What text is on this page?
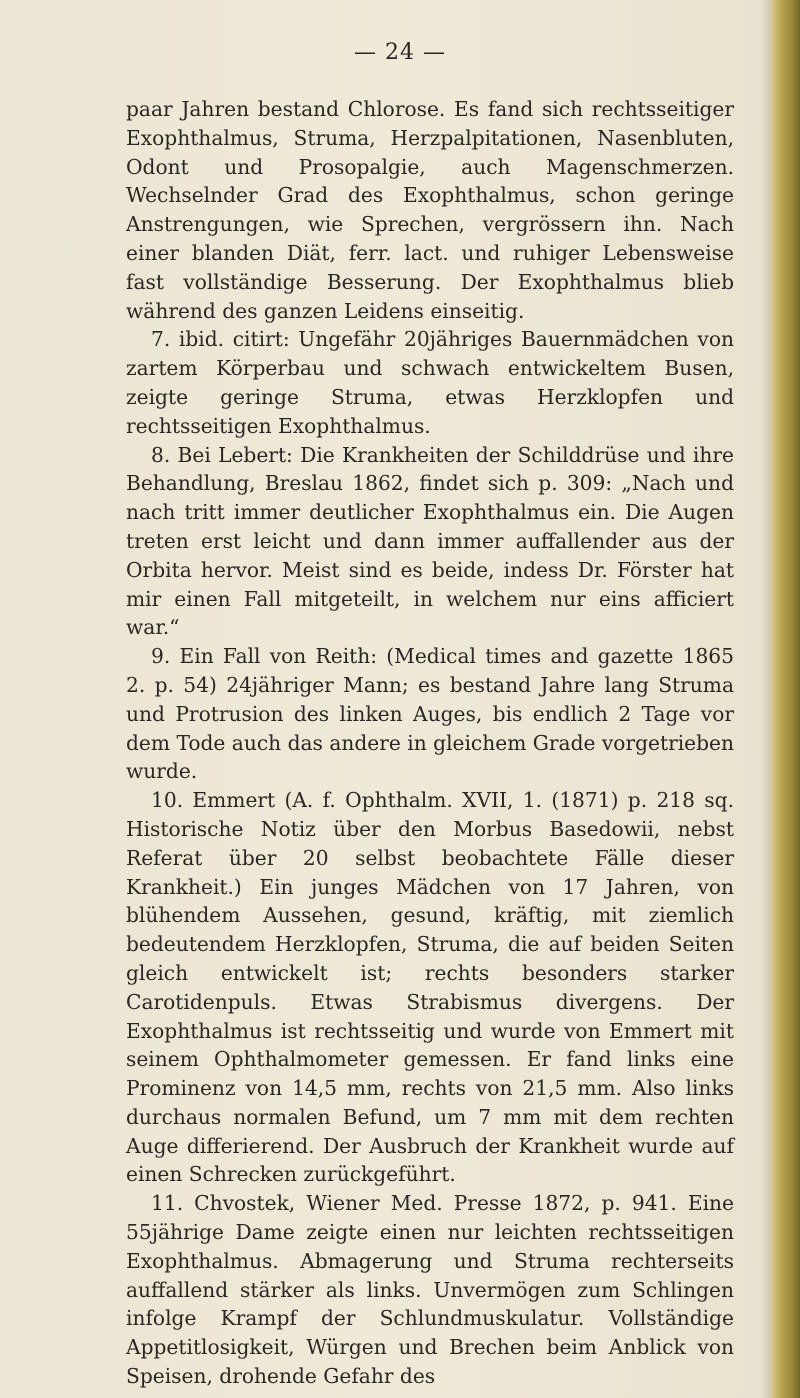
— 24 —

paar Jahren bestand Chlorose. Es fand sich rechtsseitiger Exophthalmus, Struma, Herzpalpitationen, Nasenbluten, Odont und Prosopalgie, auch Magenschmerzen. Wechselnder Grad des Exophthalmus, schon geringe Anstrengungen, wie Sprechen, vergrössern ihn. Nach einer blanden Diät, ferr. lact. und ruhiger Lebensweise fast vollständige Besserung. Der Exophthalmus blieb während des ganzen Leidens einseitig.

7. ibid. citirt: Ungefähr 20jähriges Bauernmädchen von zartem Körperbau und schwach entwickeltem Busen, zeigte geringe Struma, etwas Herzklopfen und rechtsseitigen Exophthalmus.

8. Bei Lebert: Die Krankheiten der Schilddrüse und ihre Behandlung, Breslau 1862, findet sich p. 309: „Nach und nach tritt immer deutlicher Exophthalmus ein. Die Augen treten erst leicht und dann immer auffallender aus der Orbita hervor. Meist sind es beide, indess Dr. Förster hat mir einen Fall mitgeteilt, in welchem nur eins afficiert war.“

9. Ein Fall von Reith: (Medical times and gazette 1865 2. p. 54) 24jähriger Mann; es bestand Jahre lang Struma und Protrusion des linken Auges, bis endlich 2 Tage vor dem Tode auch das andere in gleichem Grade vorgetrieben wurde.

10. Emmert (A. f. Ophthalm. XVII, 1. (1871) p. 218 sq. Historische Notiz über den Morbus Basedowii, nebst Referat über 20 selbst beobachtete Fälle dieser Krankheit.) Ein junges Mädchen von 17 Jahren, von blühendem Aussehen, gesund, kräftig, mit ziemlich bedeutendem Herzklopfen, Struma, die auf beiden Seiten gleich entwickelt ist; rechts besonders starker Carotidenpuls. Etwas Strabismus divergens. Der Exophthalmus ist rechtsseitig und wurde von Emmert mit seinem Ophthalmometer gemessen. Er fand links eine Prominenz von 14,5 mm, rechts von 21,5 mm. Also links durchaus normalen Befund, um 7 mm mit dem rechten Auge differierend. Der Ausbruch der Krankheit wurde auf einen Schrecken zurückgeführt.

11. Chvostek, Wiener Med. Presse 1872, p. 941. Eine 55jährige Dame zeigte einen nur leichten rechtsseitigen Exophthalmus. Abmagerung und Struma rechterseits auffallend stärker als links. Unvermögen zum Schlingen infolge Krampf der Schlundmuskulatur. Vollständige Appetitlosigkeit, Würgen und Brechen beim Anblick von Speisen, drohende Gefahr des
